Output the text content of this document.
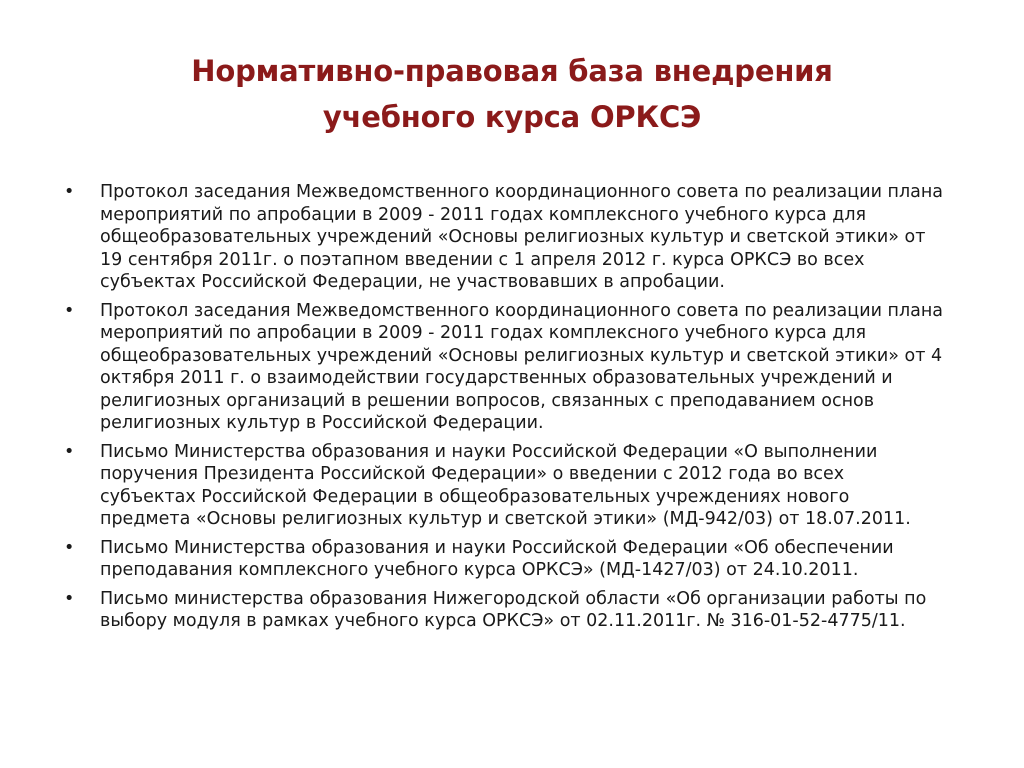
Нормативно-правовая база внедрения
учебного курса ОРКСЭ
• Протокол заседания Межведомственного координационного совета по реализации плана мероприятий по апробации в 2009 - 2011 годах комплексного учебного курса для общеобразовательных учреждений «Основы религиозных культур и светской этики» от 19 сентября 2011г. о поэтапном введении с 1 апреля 2012 г. курса ОРКСЭ во всех субъектах Российской Федерации, не участвовавших в апробации.
• Протокол заседания Межведомственного координационного совета по реализации плана мероприятий по апробации в 2009 - 2011 годах комплексного учебного курса для общеобразовательных учреждений «Основы религиозных культур и светской этики» от 4 октября 2011 г. о взаимодействии государственных образовательных учреждений и религиозных организаций в решении вопросов, связанных с преподаванием основ религиозных культур в Российской Федерации.
• Письмо Министерства образования и науки Российской Федерации «О выполнении поручения Президента Российской Федерации» о введении с 2012 года во всех субъектах Российской Федерации в общеобразовательных учреждениях нового предмета «Основы религиозных культур и светской этики» (МД-942/03) от 18.07.2011.
• Письмо Министерства образования и науки Российской Федерации «Об обеспечении преподавания комплексного учебного курса ОРКСЭ» (МД-1427/03) от 24.10.2011.
• Письмо министерства образования Нижегородской области «Об организации работы по выбору модуля в рамках учебного курса ОРКСЭ» от 02.11.2011г. № 316-01-52-4775/11.
